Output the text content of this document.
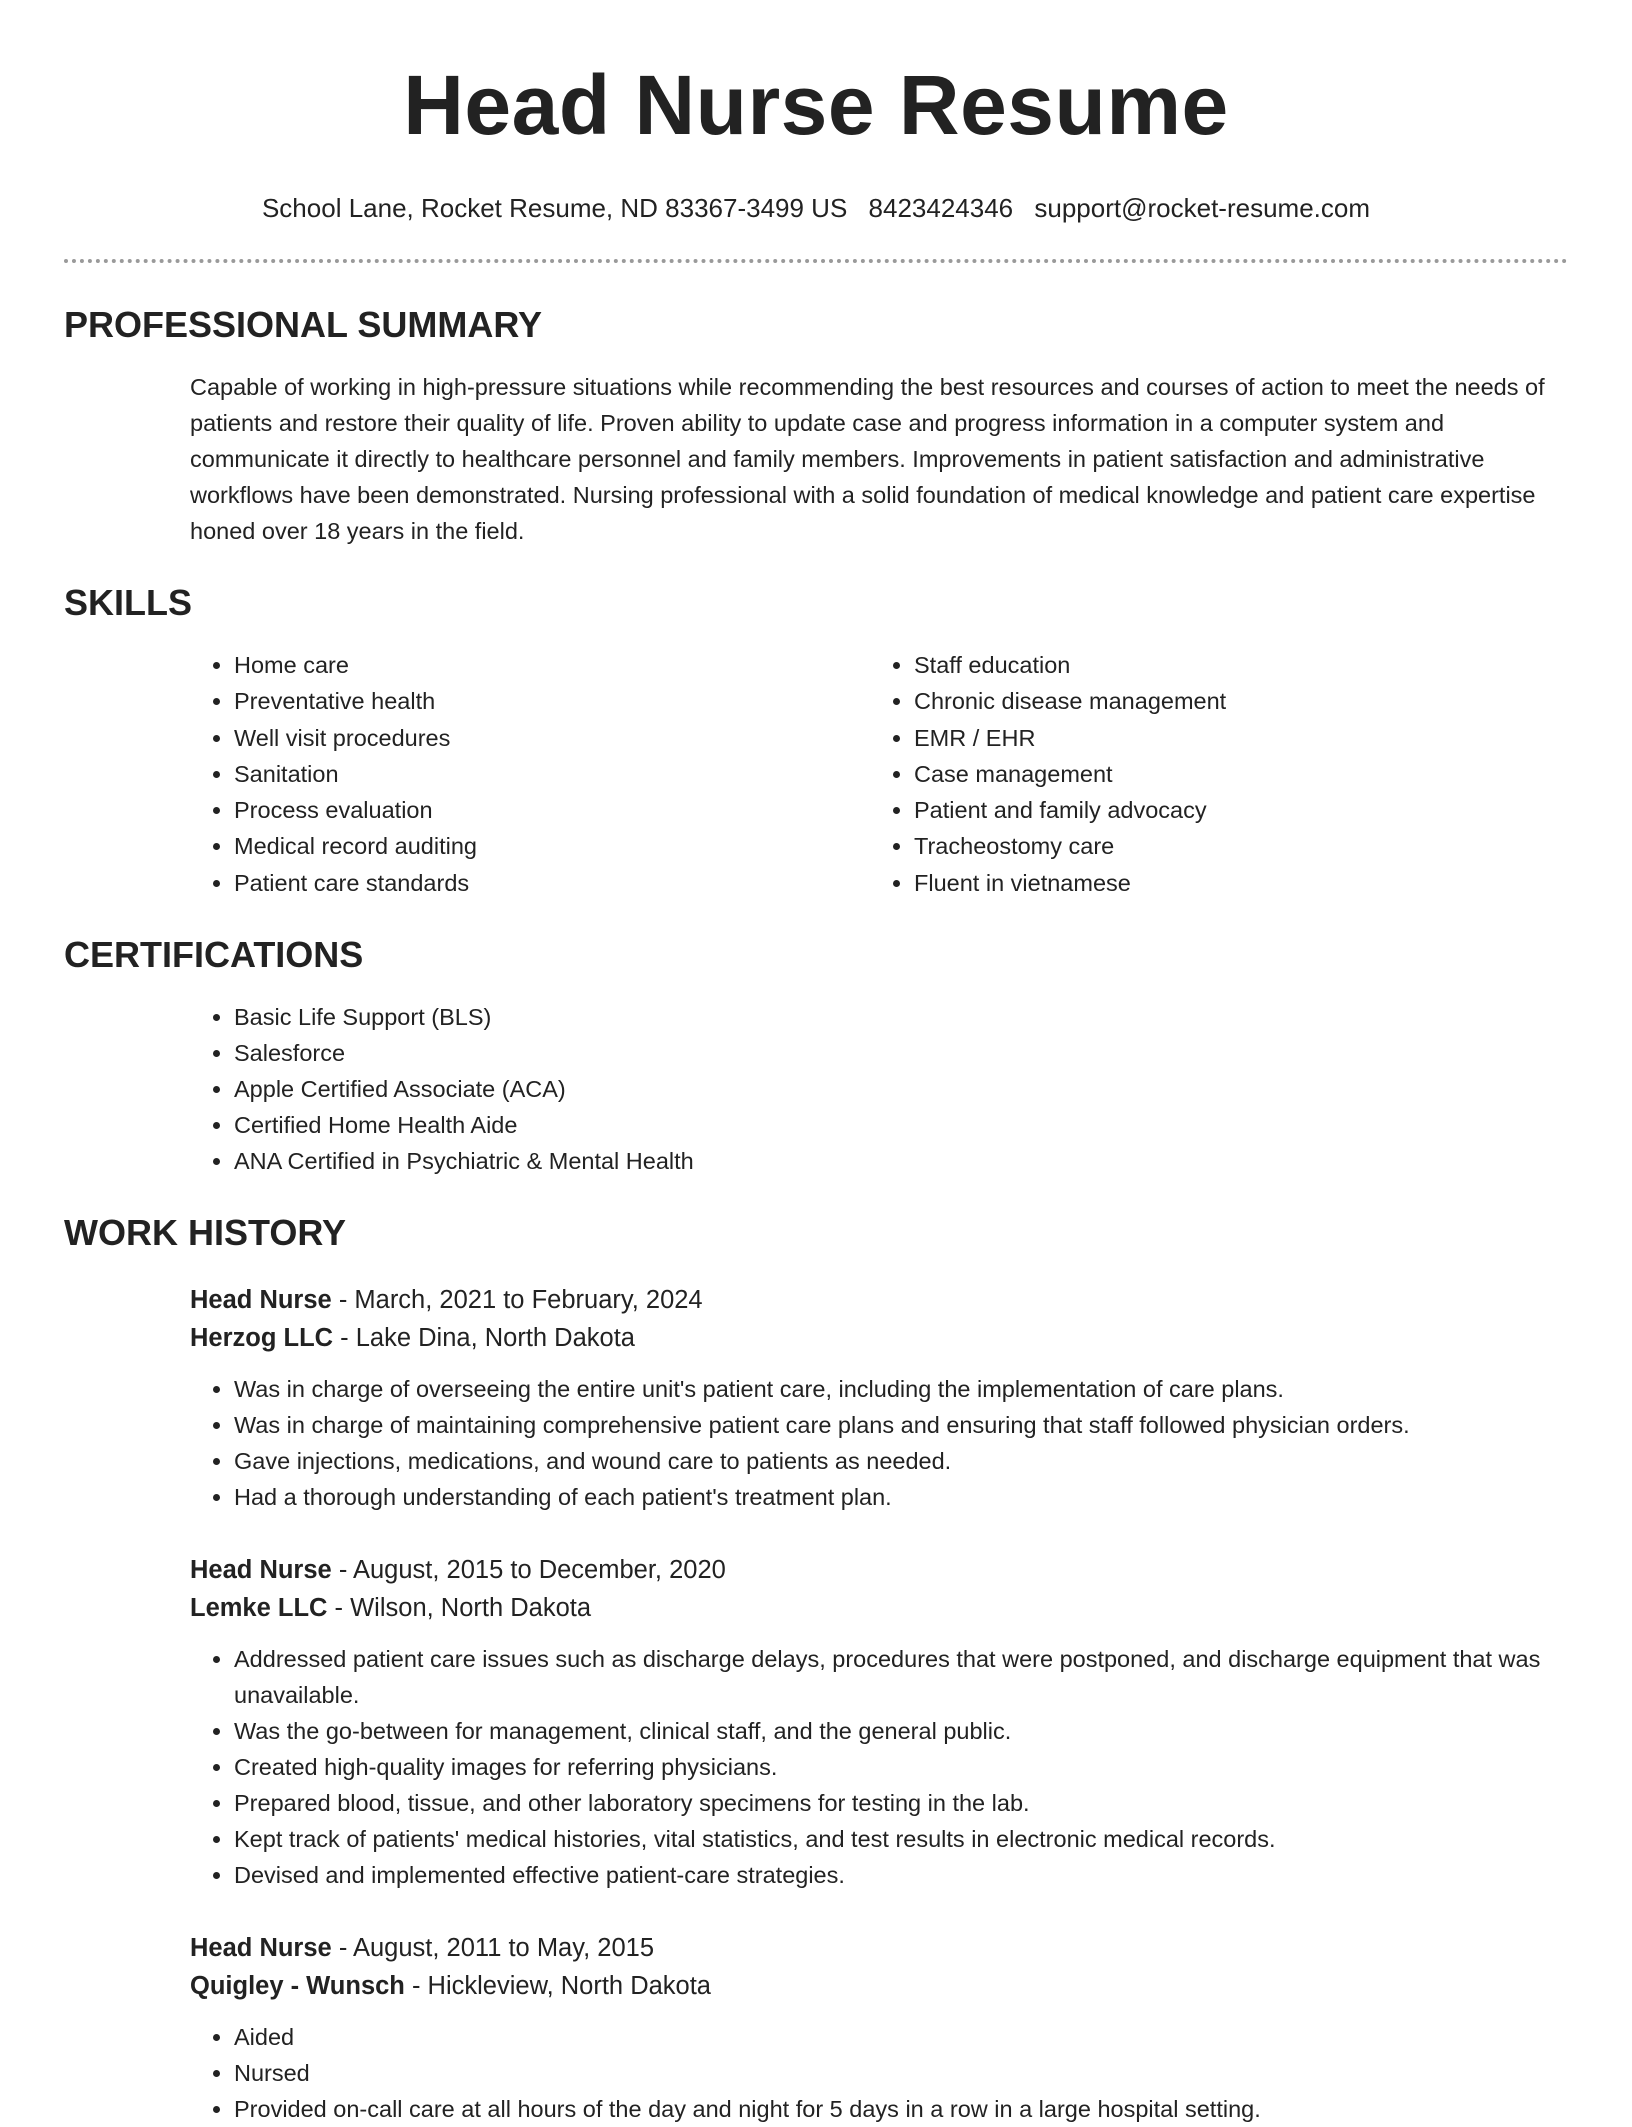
Head Nurse Resume
School Lane, Rocket Resume, ND 83367-3499 US 8423424346 support@rocket-resume.com
PROFESSIONAL SUMMARY

Capable of working in high-pressure situations while recommending the best resources and courses of action to meet the needs of patients and restore their quality of life. Proven ability to update case and progress information in a computer system and communicate it directly to healthcare personnel and family members. Improvements in patient satisfaction and administrative workflows have been demonstrated. Nursing professional with a solid foundation of medical knowledge and patient care expertise honed over 18 years in the field.

SKILLS
• Home care
• Preventative health
• Well visit procedures
• Sanitation
• Process evaluation
• Medical record auditing
• Patient care standards
• Staff education
• Chronic disease management
• EMR / EHR
• Case management
• Patient and family advocacy
• Tracheostomy care
• Fluent in vietnamese
CERTIFICATIONS
• Basic Life Support (BLS)
• Salesforce
• Apple Certified Associate (ACA)
• Certified Home Health Aide
• ANA Certified in Psychiatric & Mental Health
WORK HISTORY
Head Nurse - March, 2021 to February, 2024
Herzog LLC - Lake Dina, North Dakota
• Was in charge of overseeing the entire unit's patient care, including the implementation of care plans.
• Was in charge of maintaining comprehensive patient care plans and ensuring that staff followed physician orders.
• Gave injections, medications, and wound care to patients as needed.
• Had a thorough understanding of each patient's treatment plan.
Head Nurse - August, 2015 to December, 2020
Lemke LLC - Wilson, North Dakota
• Addressed patient care issues such as discharge delays, procedures that were postponed, and discharge equipment that was unavailable.
• Was the go-between for management, clinical staff, and the general public.
• Created high-quality images for referring physicians.
• Prepared blood, tissue, and other laboratory specimens for testing in the lab.
• Kept track of patients' medical histories, vital statistics, and test results in electronic medical records.
• Devised and implemented effective patient-care strategies.
Head Nurse - August, 2011 to May, 2015
Quigley - Wunsch - Hickleview, North Dakota
• Aided
• Nursed
• Provided on-call care at all hours of the day and night for 5 days in a row in a large hospital setting.
